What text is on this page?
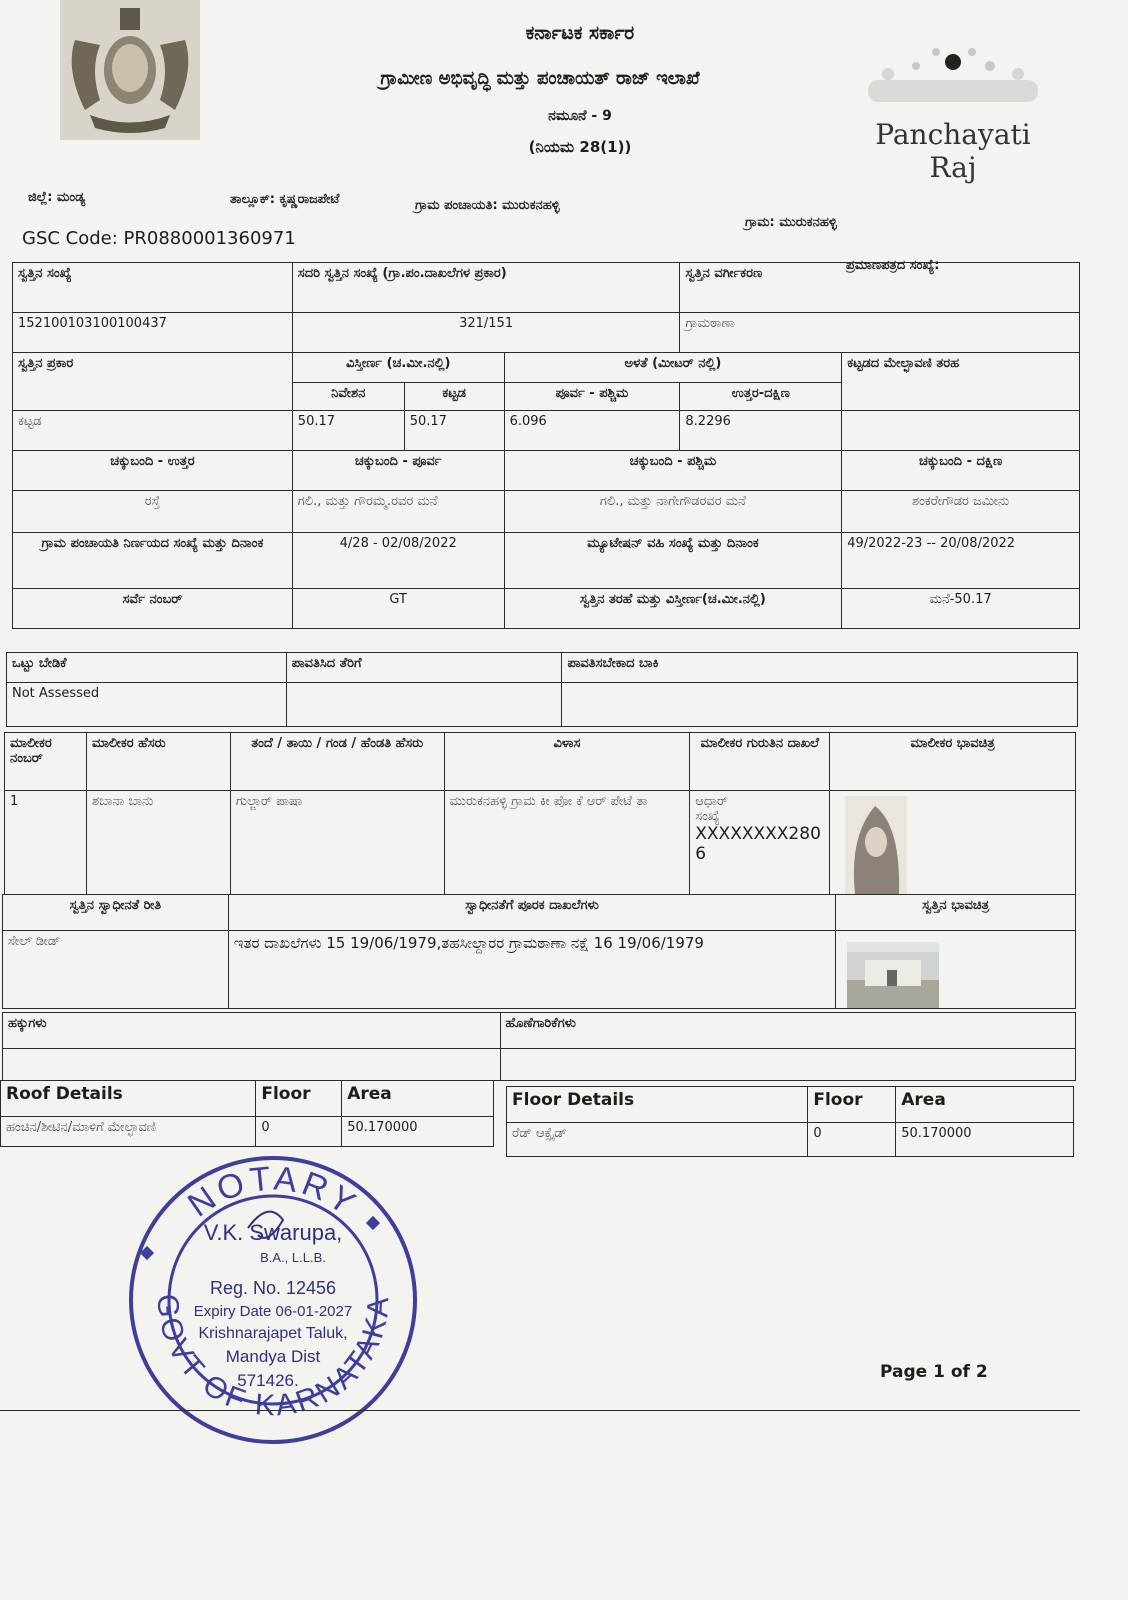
ಕರ್ನಾಟಕ ಸರ್ಕಾರ
ಗ್ರಾಮೀಣ ಅಭಿವೃದ್ಧಿ ಮತ್ತು ಪಂಚಾಯತ್ ರಾಜ್ ಇಲಾಖೆ
ನಮೂನೆ - 9
(ನಿಯಮ 28(1))	Panchayati Raj
ಜಿಲ್ಲೆ: ಮಂಡ್ಯ	ತಾಲ್ಲೂಕ್: ಕೃಷ್ಣರಾಜಪೇಟೆ	ಗ್ರಾಮ ಪಂಚಾಯತಿ: ಮುರುಕನಹಳ್ಳಿ
ಗ್ರಾಮ: ಮುರುಕನಹಳ್ಳಿ
GSC Code: PR0880001360971
ಪ್ರಮಾಣಪತ್ರದ ಸಂಖ್ಯೆ:
ಸ್ವತ್ತಿನ ಸಂಖ್ಯೆ	ಸದರಿ ಸ್ವತ್ತಿನ ಸಂಖ್ಯೆ (ಗ್ರಾ.ಪಂ.ದಾಖಲೆಗಳ ಪ್ರಕಾರ)			ಸ್ವತ್ತಿನ ವರ್ಗೀಕರಣ	
152100103100100437	321/151			ಗ್ರಾಮಠಾಣಾ	
ಸ್ವತ್ತಿನ ಪ್ರಕಾರ	ವಿಸ್ತೀರ್ಣ (ಚ.ಮೀ.ನಲ್ಲಿ)		ಅಳತೆ (ಮೀಟರ್ ನಲ್ಲಿ)		ಕಟ್ಟಡದ ಮೇಲ್ಛಾವಣಿ ತರಹ
	ನಿವೇಶನ	ಕಟ್ಟಡ	ಪೂರ್ವ - ಪಶ್ಚಿಮ	ಉತ್ತರ-ದಕ್ಷಿಣ	
ಕಟ್ಟಡ	50.17	50.17	6.096	8.2296	
ಚಕ್ಕುಬಂದಿ - ಉತ್ತರ	ಚಕ್ಕುಬಂದಿ - ಪೂರ್ವ		ಚಕ್ಕುಬಂದಿ - ಪಶ್ಚಿಮ		ಚಕ್ಕುಬಂದಿ - ದಕ್ಷಿಣ
ರಸ್ತೆ	ಗಲಿ., ಮತ್ತು ಗೌರಮ್ಮ.ರವರ ಮನೆ		ಗಲಿ., ಮತ್ತು ನಾಗೇಗೌಡರವರ ಮನೆ		ಶಂಕರೇಗೌಡರ ಜಮೀನು
ಗ್ರಾಮ ಪಂಚಾಯತಿ ನಿರ್ಣಯದ ಸಂಖ್ಯೆ ಮತ್ತು ದಿನಾಂಕ	4/28 - 02/08/2022		ಮ್ಯೂಟೇಷನ್ ವಹಿ ಸಂಖ್ಯೆ ಮತ್ತು ದಿನಾಂಕ		49/2022-23 -- 20/08/2022
ಸರ್ವೆ ನಂಬರ್	GT		ಸ್ವತ್ತಿನ ತರಹೆ ಮತ್ತು ವಿಸ್ತೀರ್ಣ(ಚ.ಮೀ.ನಲ್ಲಿ)		ಮನೆ-50.17
ಒಟ್ಟು ಬೇಡಿಕೆ	ಪಾವತಿಸಿದ ತೆರಿಗೆ	ಪಾವತಿಸಬೇಕಾದ ಬಾಕಿ
Not Assessed		
ಮಾಲೀಕರ ನಂಬರ್	ಮಾಲೀಕರ ಹೆಸರು	ತಂದೆ / ತಾಯಿ / ಗಂಡ / ಹೆಂಡತಿ ಹೆಸರು	ವಿಳಾಸ	ಮಾಲೀಕರ ಗುರುತಿನ ದಾಖಲೆ	ಮಾಲೀಕರ ಭಾವಚಿತ್ರ
1	ಶಬಾನಾ ಬಾನು	ಗುಲ್ಜಾರ್ ಪಾಷಾ	ಮುರುಕನಹಳ್ಳಿ ಗ್ರಾಮ ಕೀ ಪೋ ಕೆ ಆರ್ ಪೇಟೆ ತಾ	ಆಧಾರ್
ಸಂಖ್ಯೆ
XXXXXXXX280
6	

ಸ್ವತ್ತಿನ ಸ್ವಾಧೀನತೆ ರೀತಿ	ಸ್ವಾಧೀನತೆಗೆ ಪೂರಕ ದಾಖಲೆಗಳು	ಸ್ವತ್ತಿನ ಭಾವಚಿತ್ರ
ಸೇಲ್ ಡೀಡ್	ಇತರ ದಾಖಲೆಗಳು 15 19/06/1979,ತಹಸೀಲ್ದಾರರ ಗ್ರಾಮಠಾಣಾ ನಕ್ಷೆ 16 19/06/1979	
ಹಕ್ಕುಗಳು	ಹೊಣೆಗಾರಿಕೆಗಳು

Roof Details	Floor	Area
ಹಂಚಿನ/ಶೀಟಿನ/ಮಾಳಿಗೆ ಮೇಲ್ಛಾವಣಿ	0	50.170000
Floor Details	Floor	Area
ರೆಡ್ ಆಕ್ಸೈಡ್	0	50.170000
NOTARY
GOVT OF KARNATAKA
V.K. Swarupa,
B.A., L.L.B.
Reg. No. 12456
Expiry Date 06-01-2027
Krishnarajapet Taluk,
Mandya Dist
571426.	Page 1 of 2
